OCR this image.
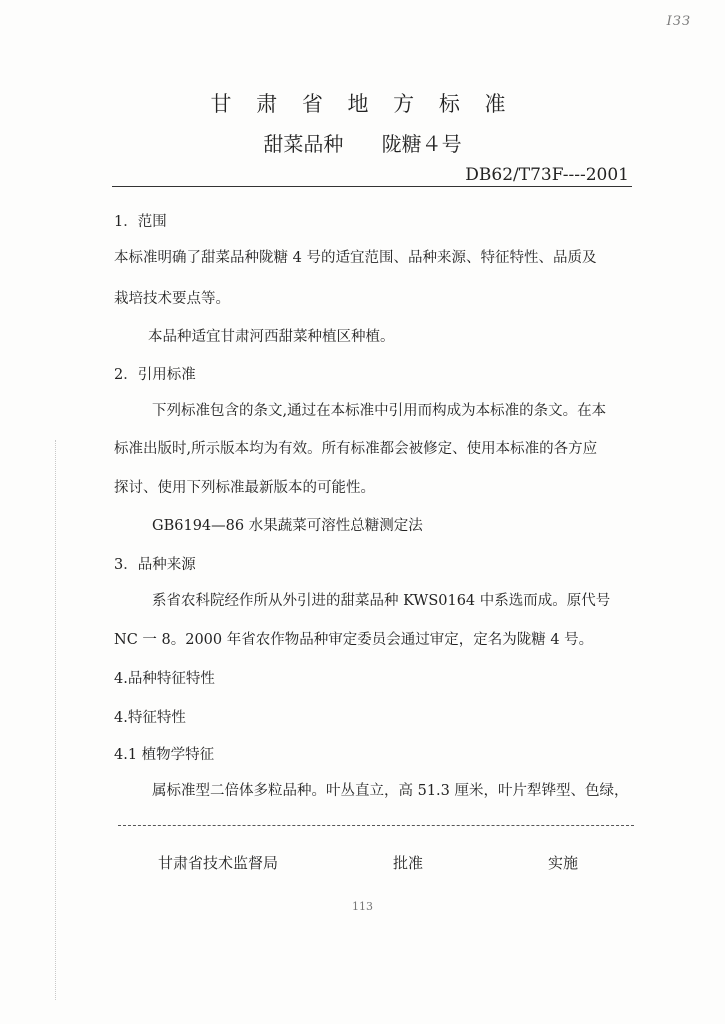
IЗЗ
甘 肃 省 地 方 标 准
甜菜品种      陇糖４号
DB62/T73F----2001
1．范围
本标准明确了甜菜品种陇糖 4 号的适宜范围、品种来源、特征特性、品质及
栽培技术要点等。
本品种适宜甘肃河西甜菜种植区种植。
2．引用标准
下列标准包含的条文,通过在本标准中引用而构成为本标准的条文。在本
标准出版时,所示版本均为有效。所有标准都会被修定、使用本标准的各方应
探讨、使用下列标准最新版本的可能性。
GB6194—86 水果蔬菜可溶性总糖测定法
3．品种来源
系省农科院经作所从外引进的甜菜品种 KWS0164 中系选而成。原代号
NC 一 8。2000 年省农作物品种审定委员会通过审定，定名为陇糖 4 号。
4.品种特征特性
4.特征特性
4.1 植物学特征
属标准型二倍体多粒品种。叶丛直立，高 51.3 厘米，叶片犁铧型、色绿，
甘肃省技术监督局	批准	实施
113
